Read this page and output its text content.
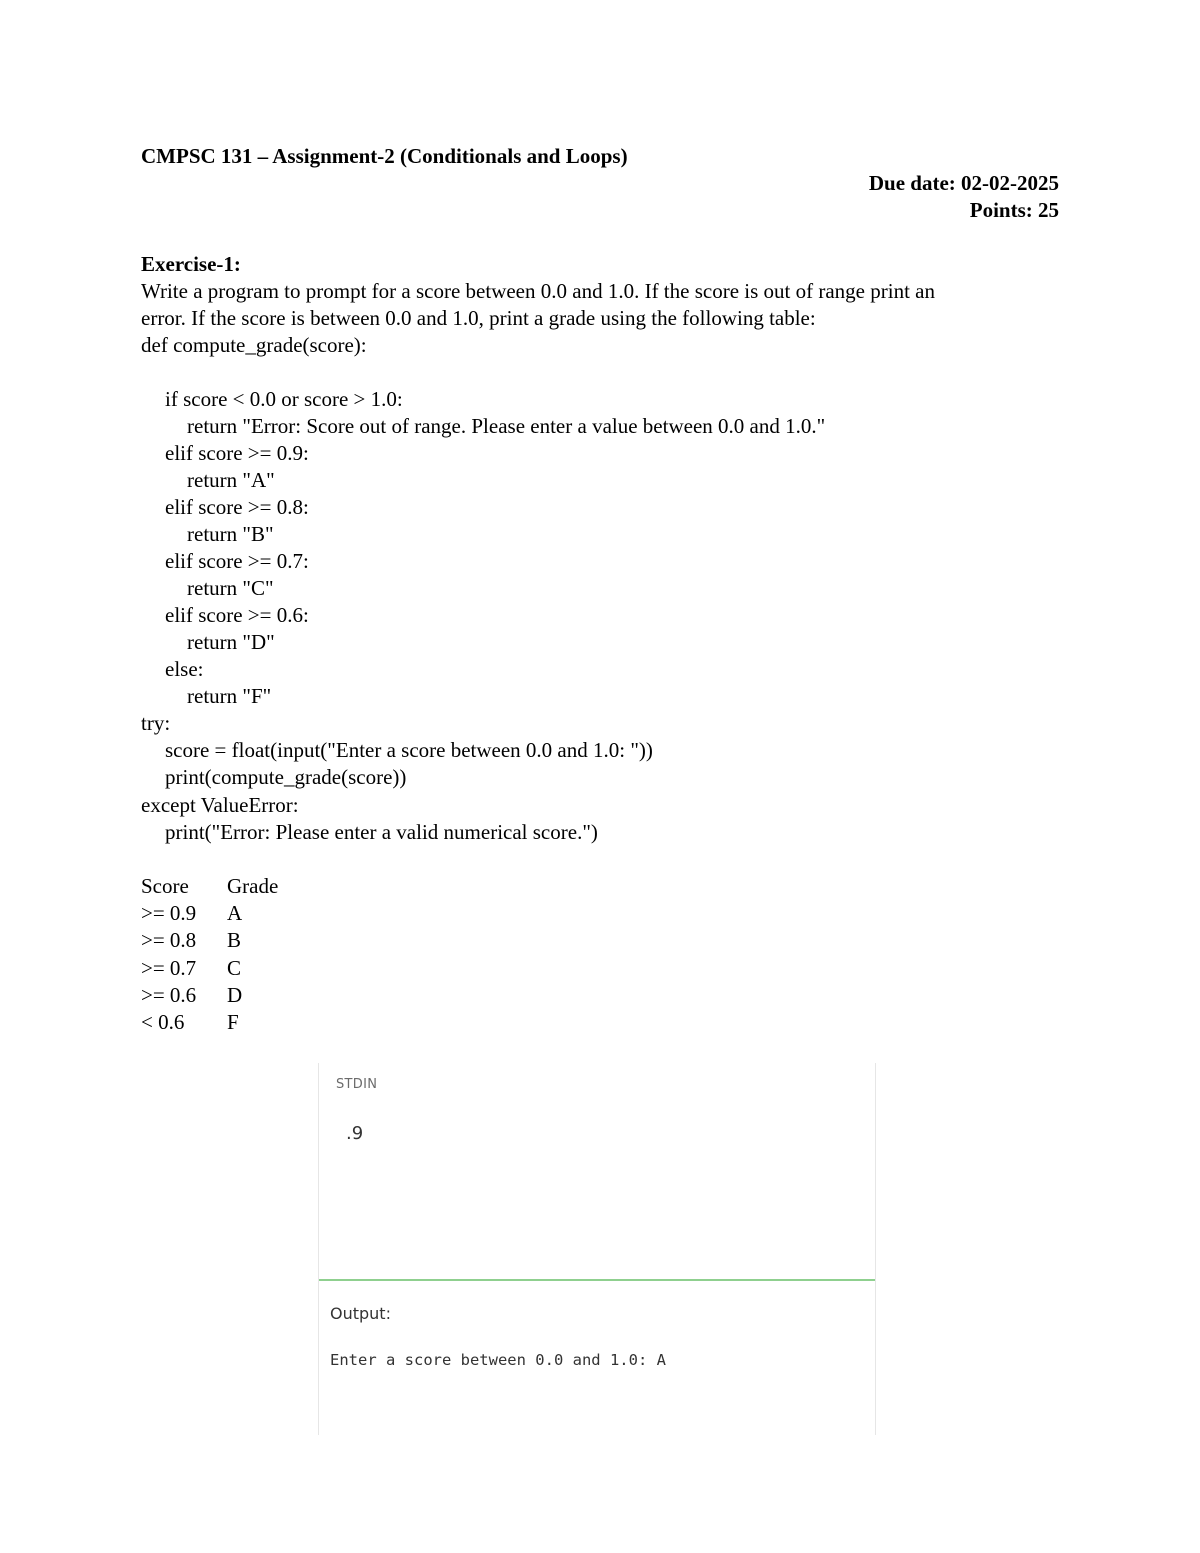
CMPSC 131 – Assignment-2 (Conditionals and Loops)
Due date: 02-02-2025
Points: 25
Exercise-1:
Write a program to prompt for a score between 0.0 and 1.0. If the score is out of range print an
error. If the score is between 0.0 and 1.0, print a grade using the following table:
def compute_grade(score):
if score < 0.0 or score > 1.0:
return "Error: Score out of range. Please enter a value between 0.0 and 1.0."
elif score >= 0.9:
return "A"
elif score >= 0.8:
return "B"
elif score >= 0.7:
return "C"
elif score >= 0.6:
return "D"
else:
return "F"
try:
score = float(input("Enter a score between 0.0 and 1.0: "))
print(compute_grade(score))
except ValueError:
print("Error: Please enter a valid numerical score.")
Score	Grade
>= 0.9	A
>= 0.8	B
>= 0.7	C
>= 0.6	D
< 0.6	F
STDIN
.9
Output:
Enter a score between 0.0 and 1.0: A
